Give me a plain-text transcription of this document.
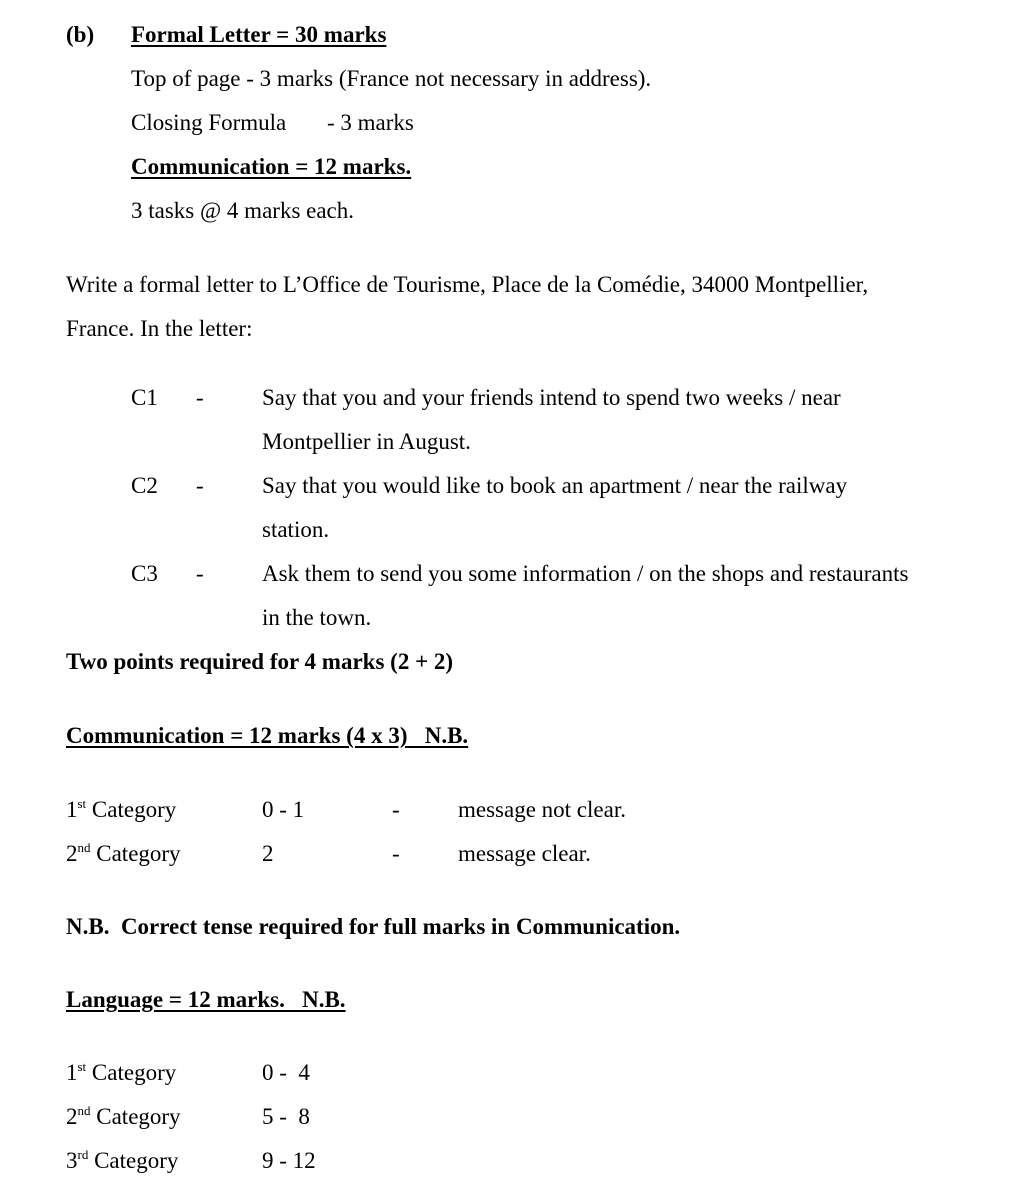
(b) Formal Letter = 30 marks
Top of page - 3 marks (France not necessary in address).
Closing Formula - 3 marks
Communication = 12 marks.
3 tasks @ 4 marks each.
Write a formal letter to L’Office de Tourisme, Place de la Comédie, 34000 Montpellier,
France. In the letter:
C1 -	Say that you and your friends intend to spend two weeks / near
Montpellier in August.
C2 -	Say that you would like to book an apartment / near the railway
station.
C3 -	Ask them to send you some information / on the shops and restaurants
in the town.
Two points required for 4 marks (2 + 2)
Communication = 12 marks (4 x 3)   N.B.
1st Category	0 - 1	-	message not clear.
2nd Category	2	-	message clear.
N.B.  Correct tense required for full marks in Communication.
Language = 12 marks.   N.B.
1st Category	0 -  4
2nd Category	5 -  8
3rd Category	9 - 12
